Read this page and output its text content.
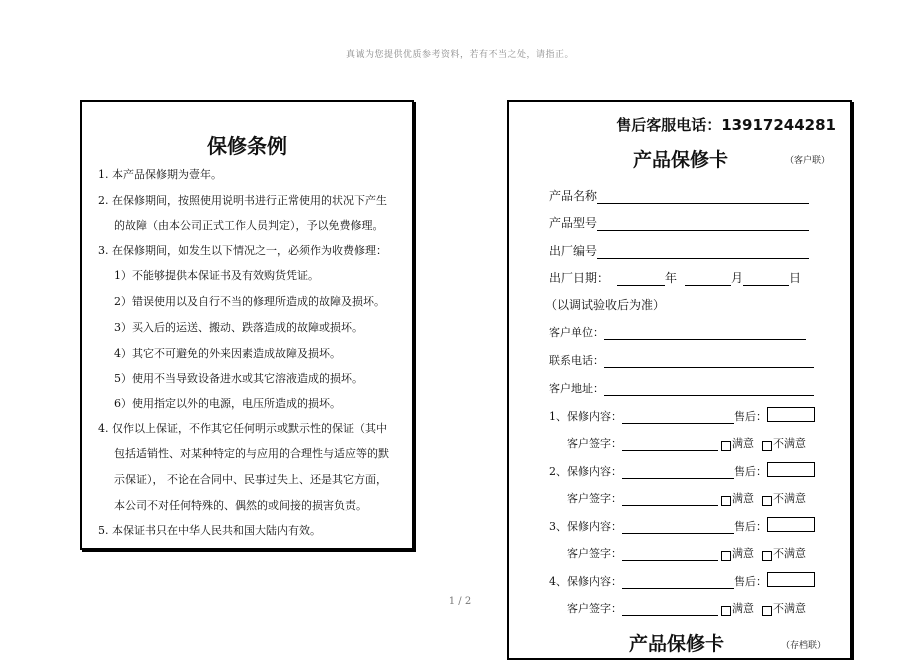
真诚为您提供优质参考资料，若有不当之处，请指正。
保修条例
1. 本产品保修期为壹年。
2. 在保修期间，按照使用说明书进行正常使用的状况下产生
的故障（由本公司正式工作人员判定），予以免费修理。
3. 在保修期间，如发生以下情况之一，必须作为收费修理：
1）不能够提供本保证书及有效购货凭证。
2）错误使用以及自行不当的修理所造成的故障及损坏。
3）买入后的运送、搬动、跌落造成的故障或损坏。
4）其它不可避免的外来因素造成故障及损坏。
5）使用不当导致设备进水或其它溶液造成的损坏。
6）使用指定以外的电源，电压所造成的损坏。
4. 仅作以上保证，不作其它任何明示或默示性的保证（其中
包括适销性、对某种特定的与应用的合理性与适应等的默
示保证）， 不论在合同中、民事过失上、还是其它方面，
本公司不对任何特殊的、偶然的或间接的损害负责。
5. 本保证书只在中华人民共和国大陆内有效。
售后客服电话：13917244281
产品保修卡	（客户联）
产品名称
产品型号
出厂编号
出厂日期：	年	月	日
（以调试验收后为准）
客户单位：
联系电话：
客户地址：
1、保修内容：	售后：
客户签字：	满意 不满意
2、保修内容：	售后：
客户签字：	满意 不满意
3、保修内容：	售后：
客户签字：	满意 不满意
4、保修内容：	售后：
客户签字：	满意 不满意
产品保修卡	（存档联）
1 / 2
